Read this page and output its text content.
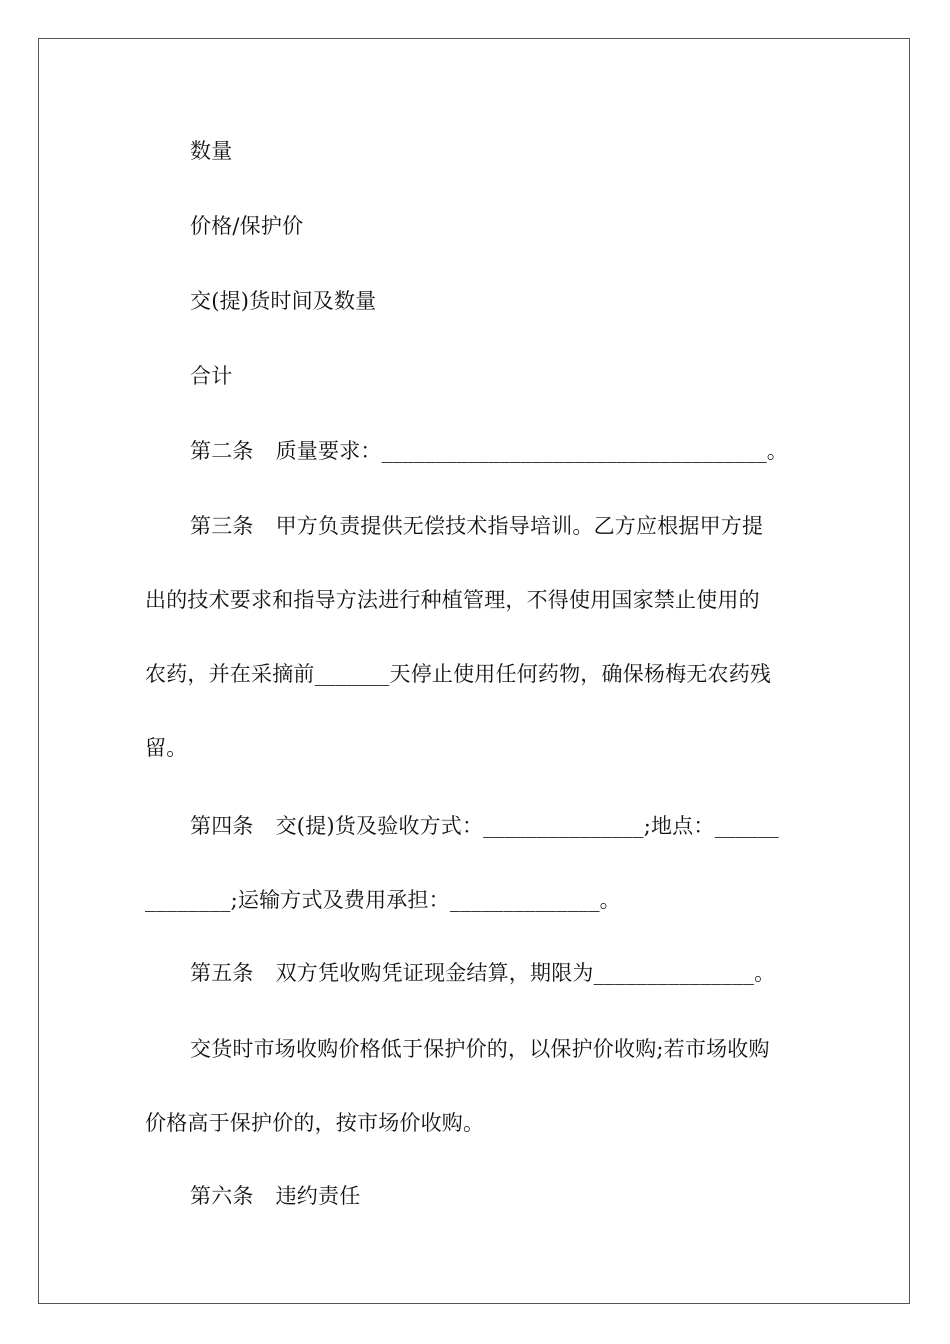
数量
价格/保护价
交(提)货时间及数量
合计
第二条 质量要求：____________________________________。
第三条 甲方负责提供无偿技术指导培训。乙方应根据甲方提
出的技术要求和指导方法进行种植管理，不得使用国家禁止使用的
农药，并在采摘前_______天停止使用任何药物，确保杨梅无农药残
留。
第四条 交(提)货及验收方式：_______________;地点：______
________;运输方式及费用承担：______________。
第五条 双方凭收购凭证现金结算，期限为_______________。
交货时市场收购价格低于保护价的，以保护价收购;若市场收购
价格高于保护价的，按市场价收购。
第六条 违约责任
